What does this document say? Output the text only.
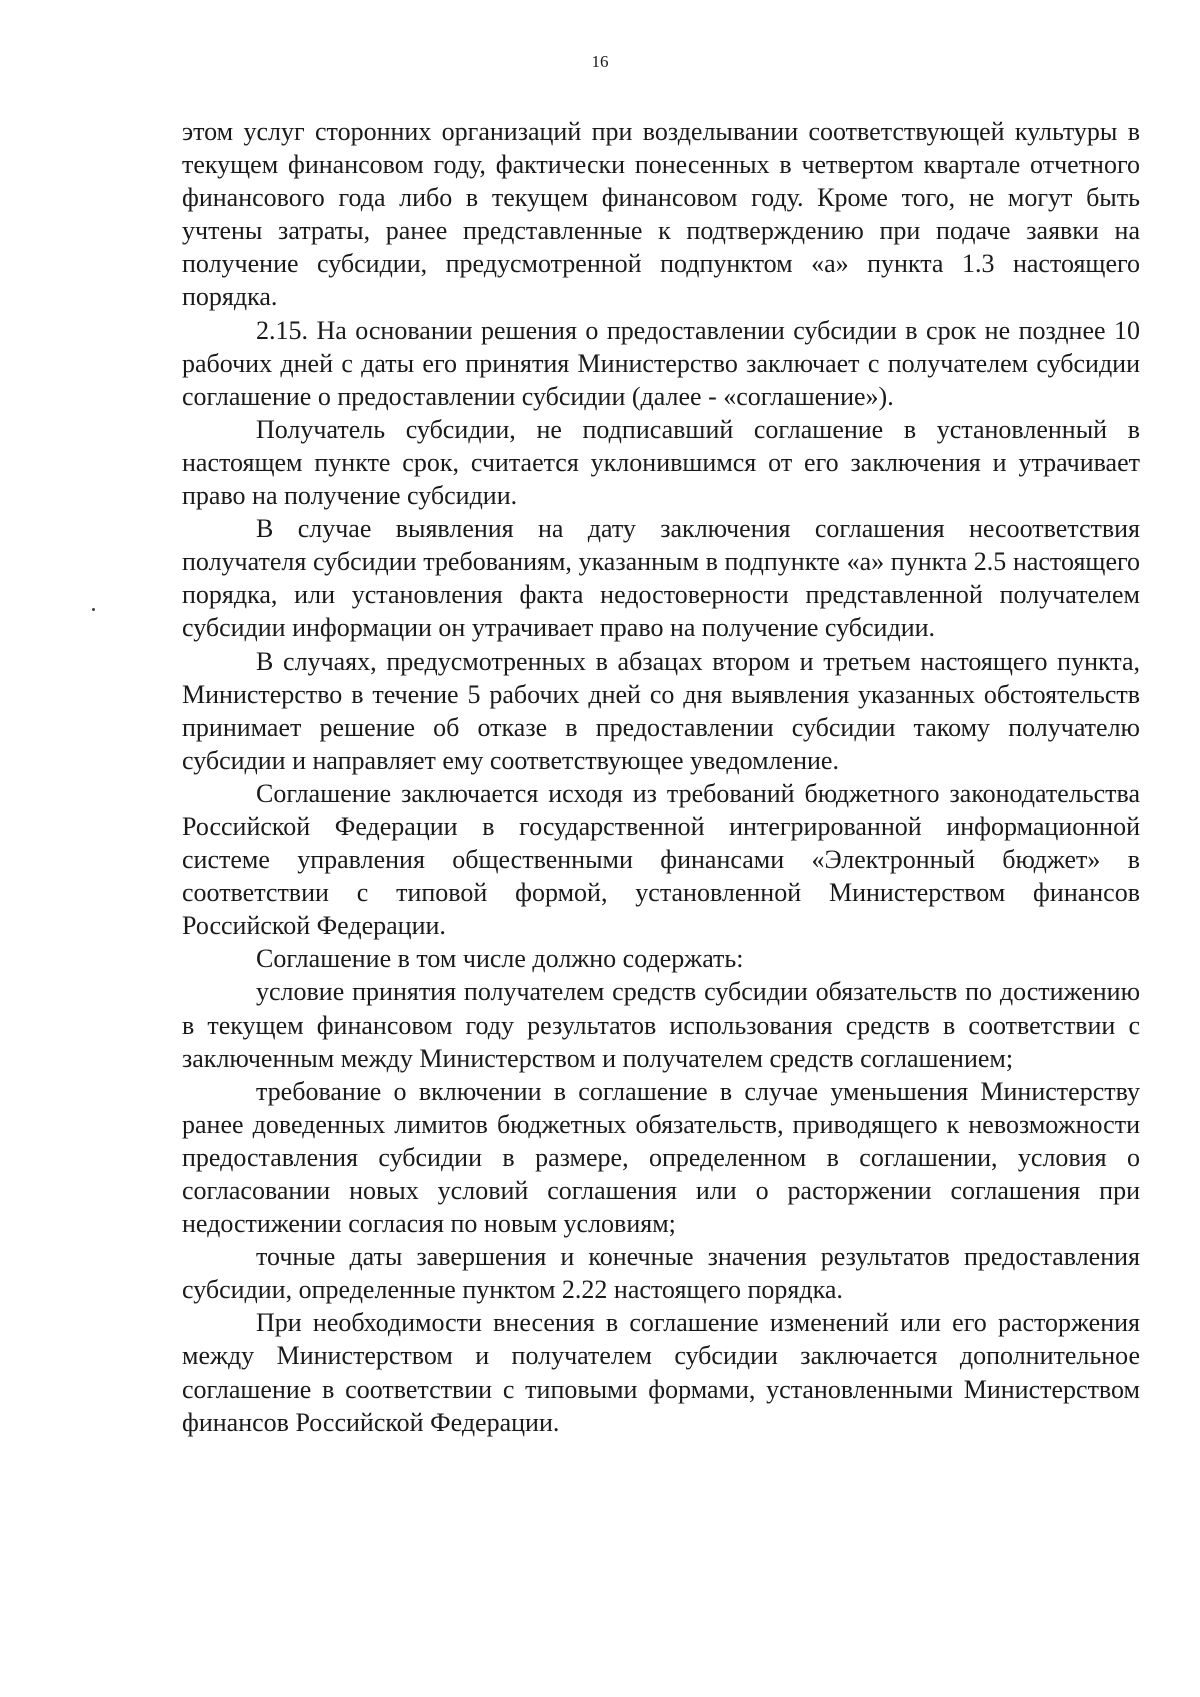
16

этом услуг сторонних организаций при возделывании соответствующей культуры в текущем финансовом году, фактически понесенных в четвертом квартале отчетного финансового года либо в текущем финансовом году. Кроме того, не могут быть учтены затраты, ранее представленные к подтверждению при подаче заявки на получение субсидии, предусмотренной подпунктом «а» пункта 1.3 настоящего порядка.

2.15. На основании решения о предоставлении субсидии в срок не позднее 10 рабочих дней с даты его принятия Министерство заключает с получателем субсидии соглашение о предоставлении субсидии (далее - «соглашение»).

Получатель субсидии, не подписавший соглашение в установленный в настоящем пункте срок, считается уклонившимся от его заключения и утрачивает право на получение субсидии.

В случае выявления на дату заключения соглашения несоответствия получателя субсидии требованиям, указанным в подпункте «а» пункта 2.5 настоящего порядка, или установления факта недостоверности представленной получателем субсидии информации он утрачивает право на получение субсидии.

В случаях, предусмотренных в абзацах втором и третьем настоящего пункта, Министерство в течение 5 рабочих дней со дня выявления указанных обстоятельств принимает решение об отказе в предоставлении субсидии такому получателю субсидии и направляет ему соответствующее уведомление.

Соглашение заключается исходя из требований бюджетного законодательства Российской Федерации в государственной интегрированной информационной системе управления общественными финансами «Электронный бюджет» в соответствии с типовой формой, установленной Министерством финансов Российской Федерации.

Соглашение в том числе должно содержать:

условие принятия получателем средств субсидии обязательств по достижению в текущем финансовом году результатов использования средств в соответствии с заключенным между Министерством и получателем средств соглашением;

требование о включении в соглашение в случае уменьшения Министерству ранее доведенных лимитов бюджетных обязательств, приводящего к невозможности предоставления субсидии в размере, определенном в соглашении, условия о согласовании новых условий соглашения или о расторжении соглашения при недостижении согласия по новым условиям;

точные даты завершения и конечные значения результатов предоставления субсидии, определенные пунктом 2.22 настоящего порядка.

При необходимости внесения в соглашение изменений или его расторжения между Министерством и получателем субсидии заключается дополнительное соглашение в соответствии с типовыми формами, установленными Министерством финансов Российской Федерации.
